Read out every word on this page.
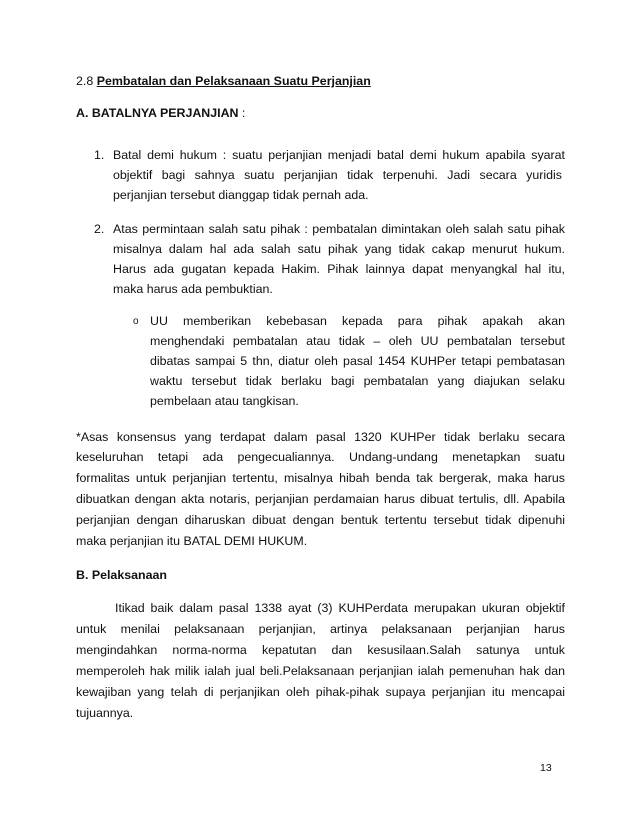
2.8 Pembatalan dan Pelaksanaan Suatu Perjanjian
A. BATALNYA PERJANJIAN :
1. Batal demi hukum : suatu perjanjian menjadi batal demi hukum apabila syarat
objektif bagi sahnya suatu perjanjian tidak terpenuhi. Jadi secara yuridis
perjanjian tersebut dianggap tidak pernah ada.
2. Atas permintaan salah satu pihak : pembatalan dimintakan oleh salah satu pihak
misalnya dalam hal ada salah satu pihak yang tidak cakap menurut hukum.
Harus ada gugatan kepada Hakim. Pihak lainnya dapat menyangkal hal itu,
maka harus ada pembuktian.
o UU memberikan kebebasan kepada para pihak apakah akan
menghendaki pembatalan atau tidak – oleh UU pembatalan tersebut
dibatas sampai 5 thn, diatur oleh pasal 1454 KUHPer tetapi pembatasan
waktu tersebut tidak berlaku bagi pembatalan yang diajukan selaku
pembelaan atau tangkisan.
*Asas konsensus yang terdapat dalam pasal 1320 KUHPer tidak berlaku secara
keseluruhan tetapi ada pengecualiannya. Undang-undang menetapkan suatu
formalitas untuk perjanjian tertentu, misalnya hibah benda tak bergerak, maka harus
dibuatkan dengan akta notaris, perjanjian perdamaian harus dibuat tertulis, dll. Apabila
perjanjian dengan diharuskan dibuat dengan bentuk tertentu tersebut tidak dipenuhi
maka perjanjian itu BATAL DEMI HUKUM.
B. Pelaksanaan
Itikad baik dalam pasal 1338 ayat (3) KUHPerdata merupakan ukuran objektif
untuk menilai pelaksanaan perjanjian, artinya pelaksanaan perjanjian harus
mengindahkan norma-norma kepatutan dan kesusilaan.Salah satunya untuk
memperoleh hak milik ialah jual beli.Pelaksanaan perjanjian ialah pemenuhan hak dan
kewajiban yang telah di perjanjikan oleh pihak-pihak supaya perjanjian itu mencapai
tujuannya.
13
